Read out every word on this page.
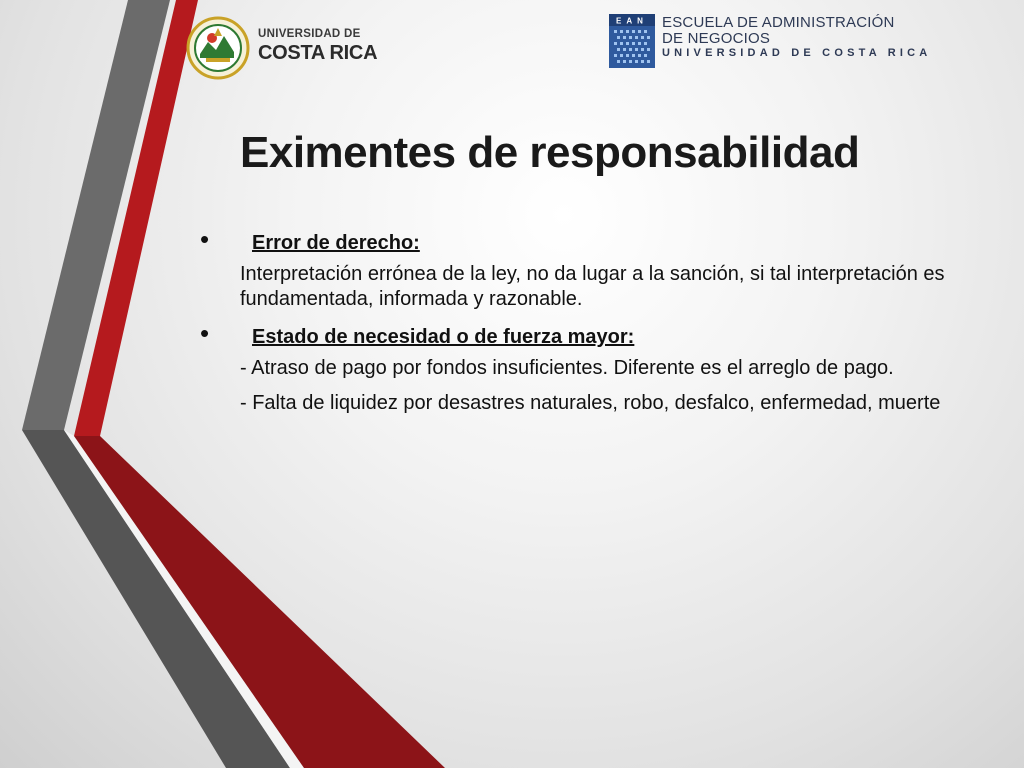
UNIVERSIDAD DE
COSTA RICA
EAN ESCUELA DE ADMINISTRACIÓN
DE NEGOCIOS
UNIVERSIDAD DE COSTA RICA
Eximentes de responsabilidad
• Error de derecho:

Interpretación errónea de la ley, no da lugar a la sanción, si tal interpretación es fundamentada, informada y razonable.

• Estado de necesidad o de fuerza mayor:

- Atraso de pago por fondos insuficientes. Diferente es el arreglo de pago.

- Falta de liquidez por desastres naturales, robo, desfalco, enfermedad, muerte
